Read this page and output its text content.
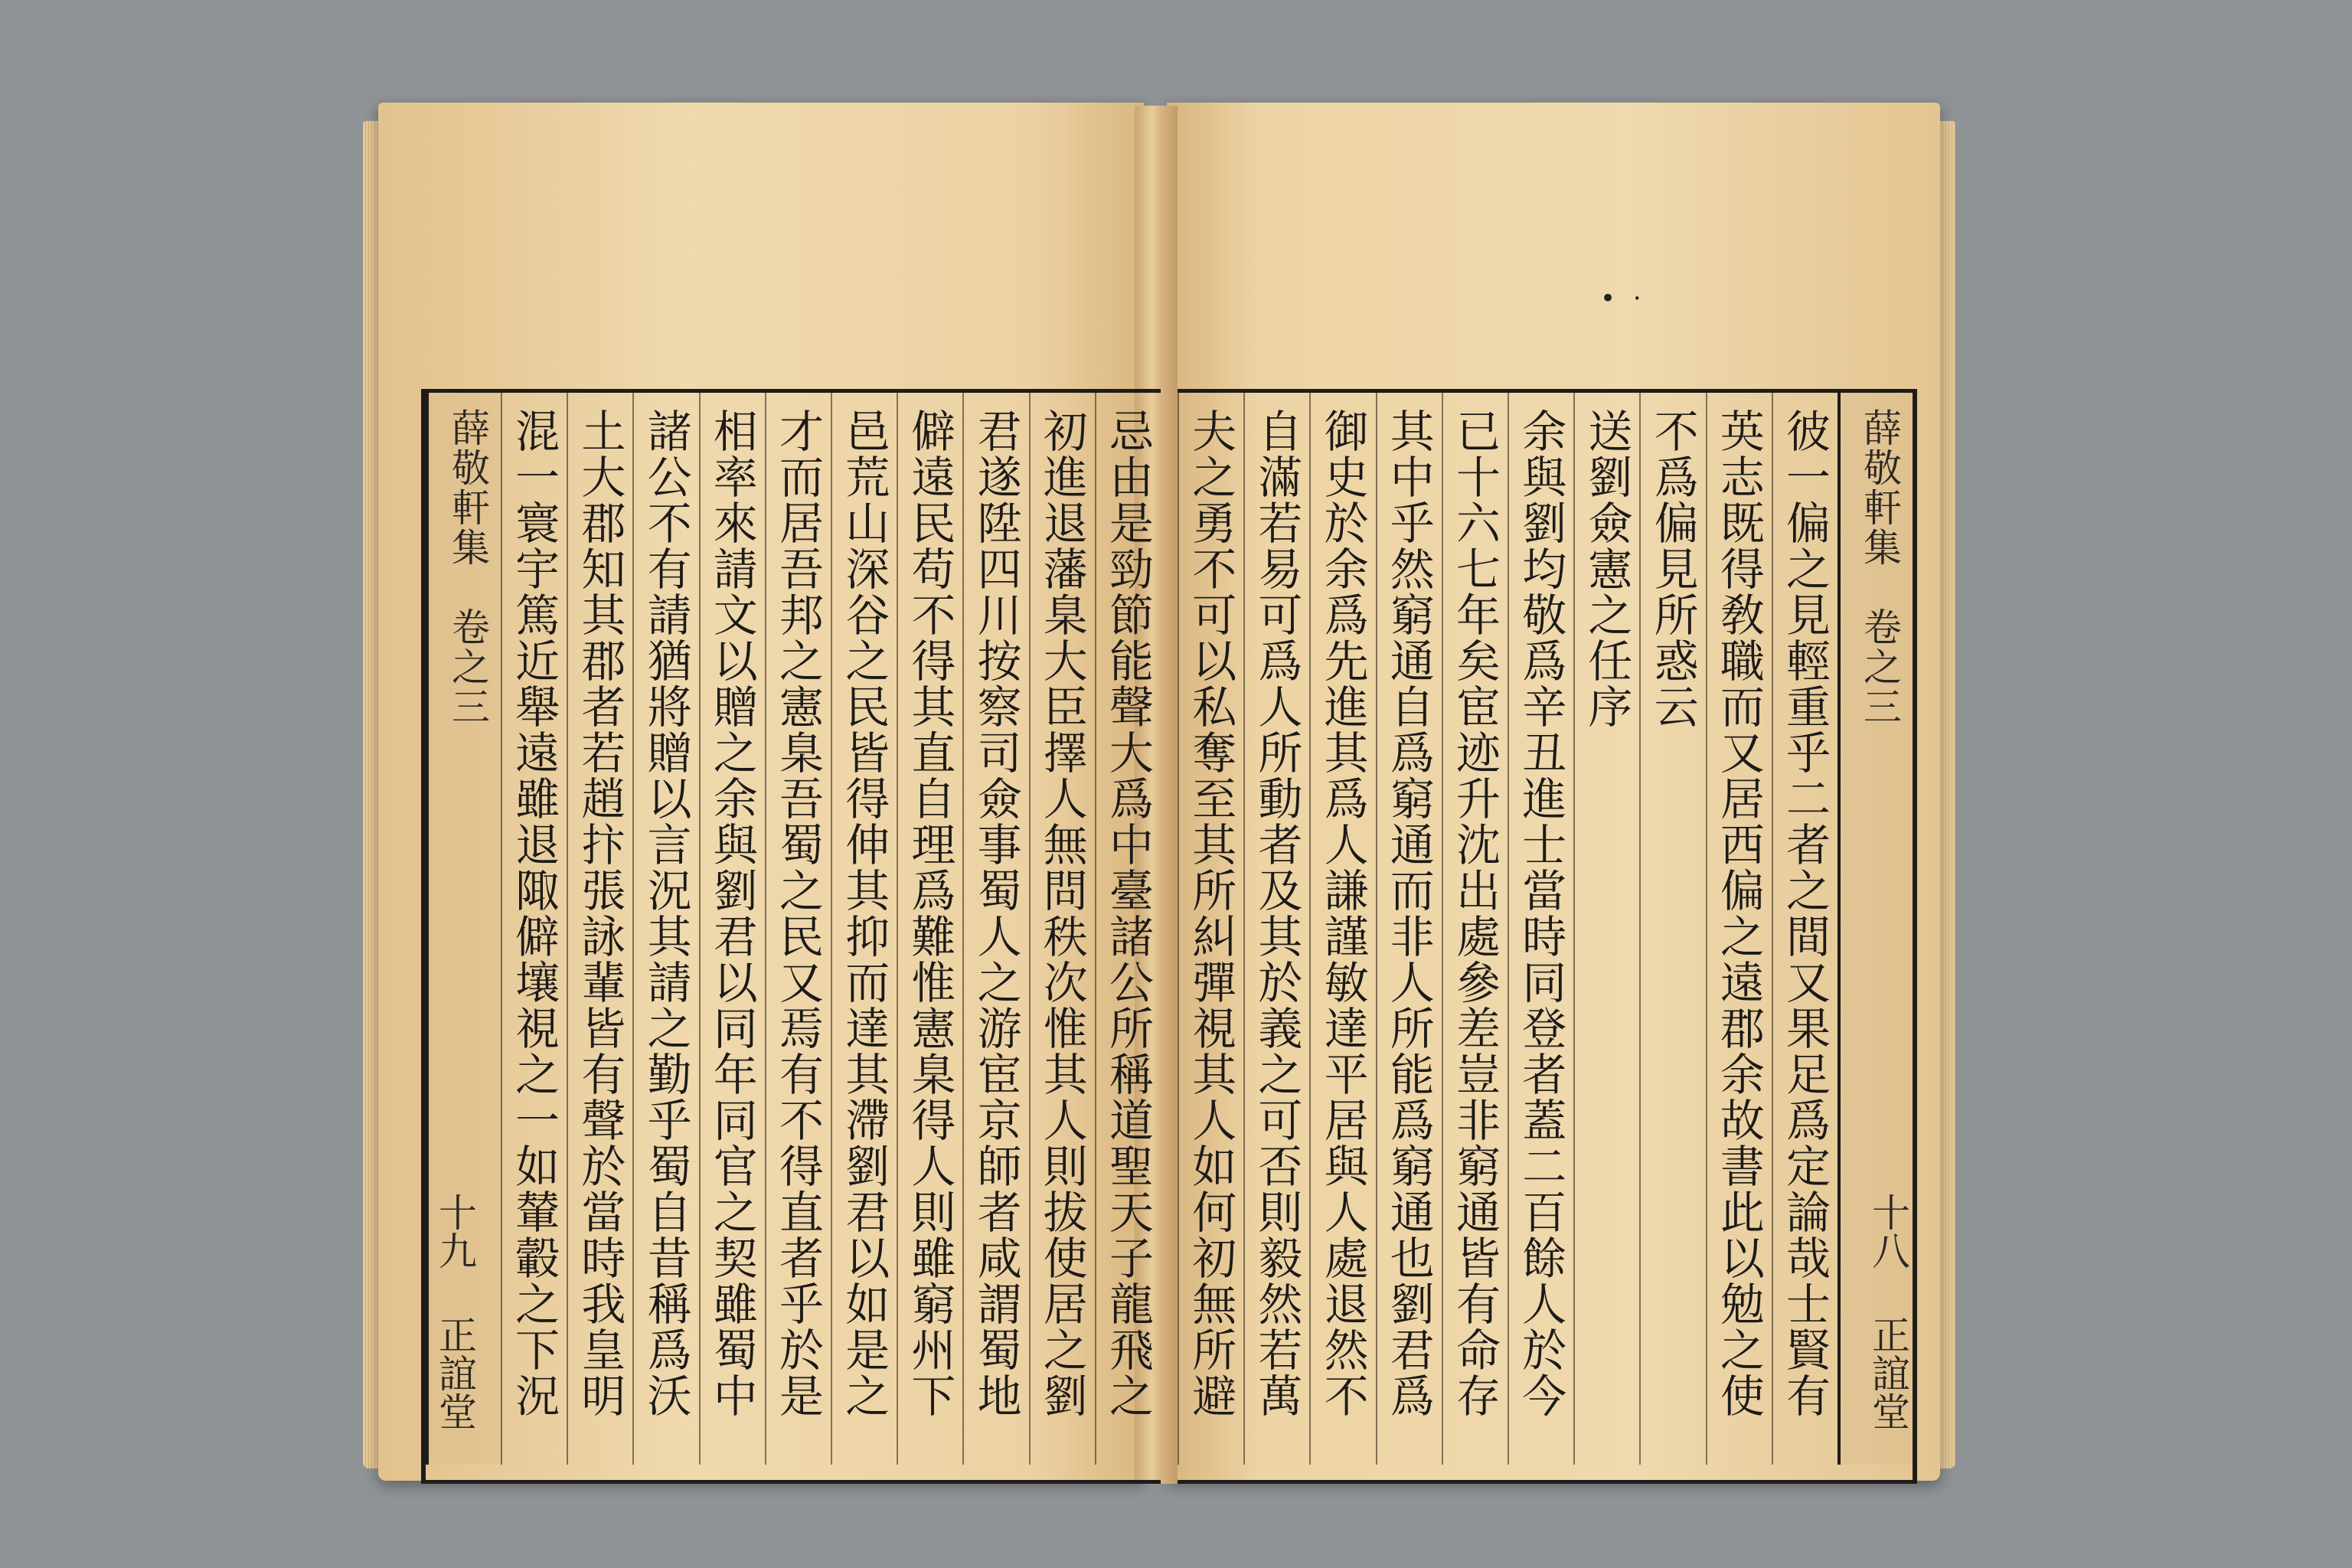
• ·
忌由是勁節能聲大爲中臺諸公所稱道聖天子龍飛之
初進退藩臬大臣擇人無問秩次惟其人則拔使居之劉
君遂陞四川按察司僉事蜀人之游宦京師者咸謂蜀地
僻遠民苟不得其直自理爲難惟憲臬得人則雖窮州下
邑荒山深谷之民皆得伸其抑而達其滯劉君以如是之
才而居吾邦之憲臬吾蜀之民又焉有不得直者乎於是
相率來請文以贈之余與劉君以同年同官之契雖蜀中
諸公不有請猶將贈以言況其請之勤乎蜀自昔稱爲沃
土大郡知其郡者若趙抃張詠輩皆有聲於當時我皇明
混一寰宇篤近舉遠雖退陬僻壤視之一如輦轂之下況
薛敬軒集　卷之三
十九
正誼堂
薛敬軒集　卷之三
彼一偏之見輕重乎二者之間又果足爲定論哉士賢有
英志既得敎職而又居西偏之遠郡余故書此以勉之使
不爲偏見所惑云
送劉僉憲之任序
余與劉均敬爲辛丑進士當時同登者蓋二百餘人於今
已十六七年矣宦迹升沈出處參差豈非窮通皆有命存
其中乎然窮通自爲窮通而非人所能爲窮通也劉君爲
御史於余爲先進其爲人謙謹敏達平居與人處退然不
自滿若易可爲人所動者及其於義之可否則毅然若萬
夫之勇不可以私奪至其所糾彈視其人如何初無所避	十八
正誼堂
